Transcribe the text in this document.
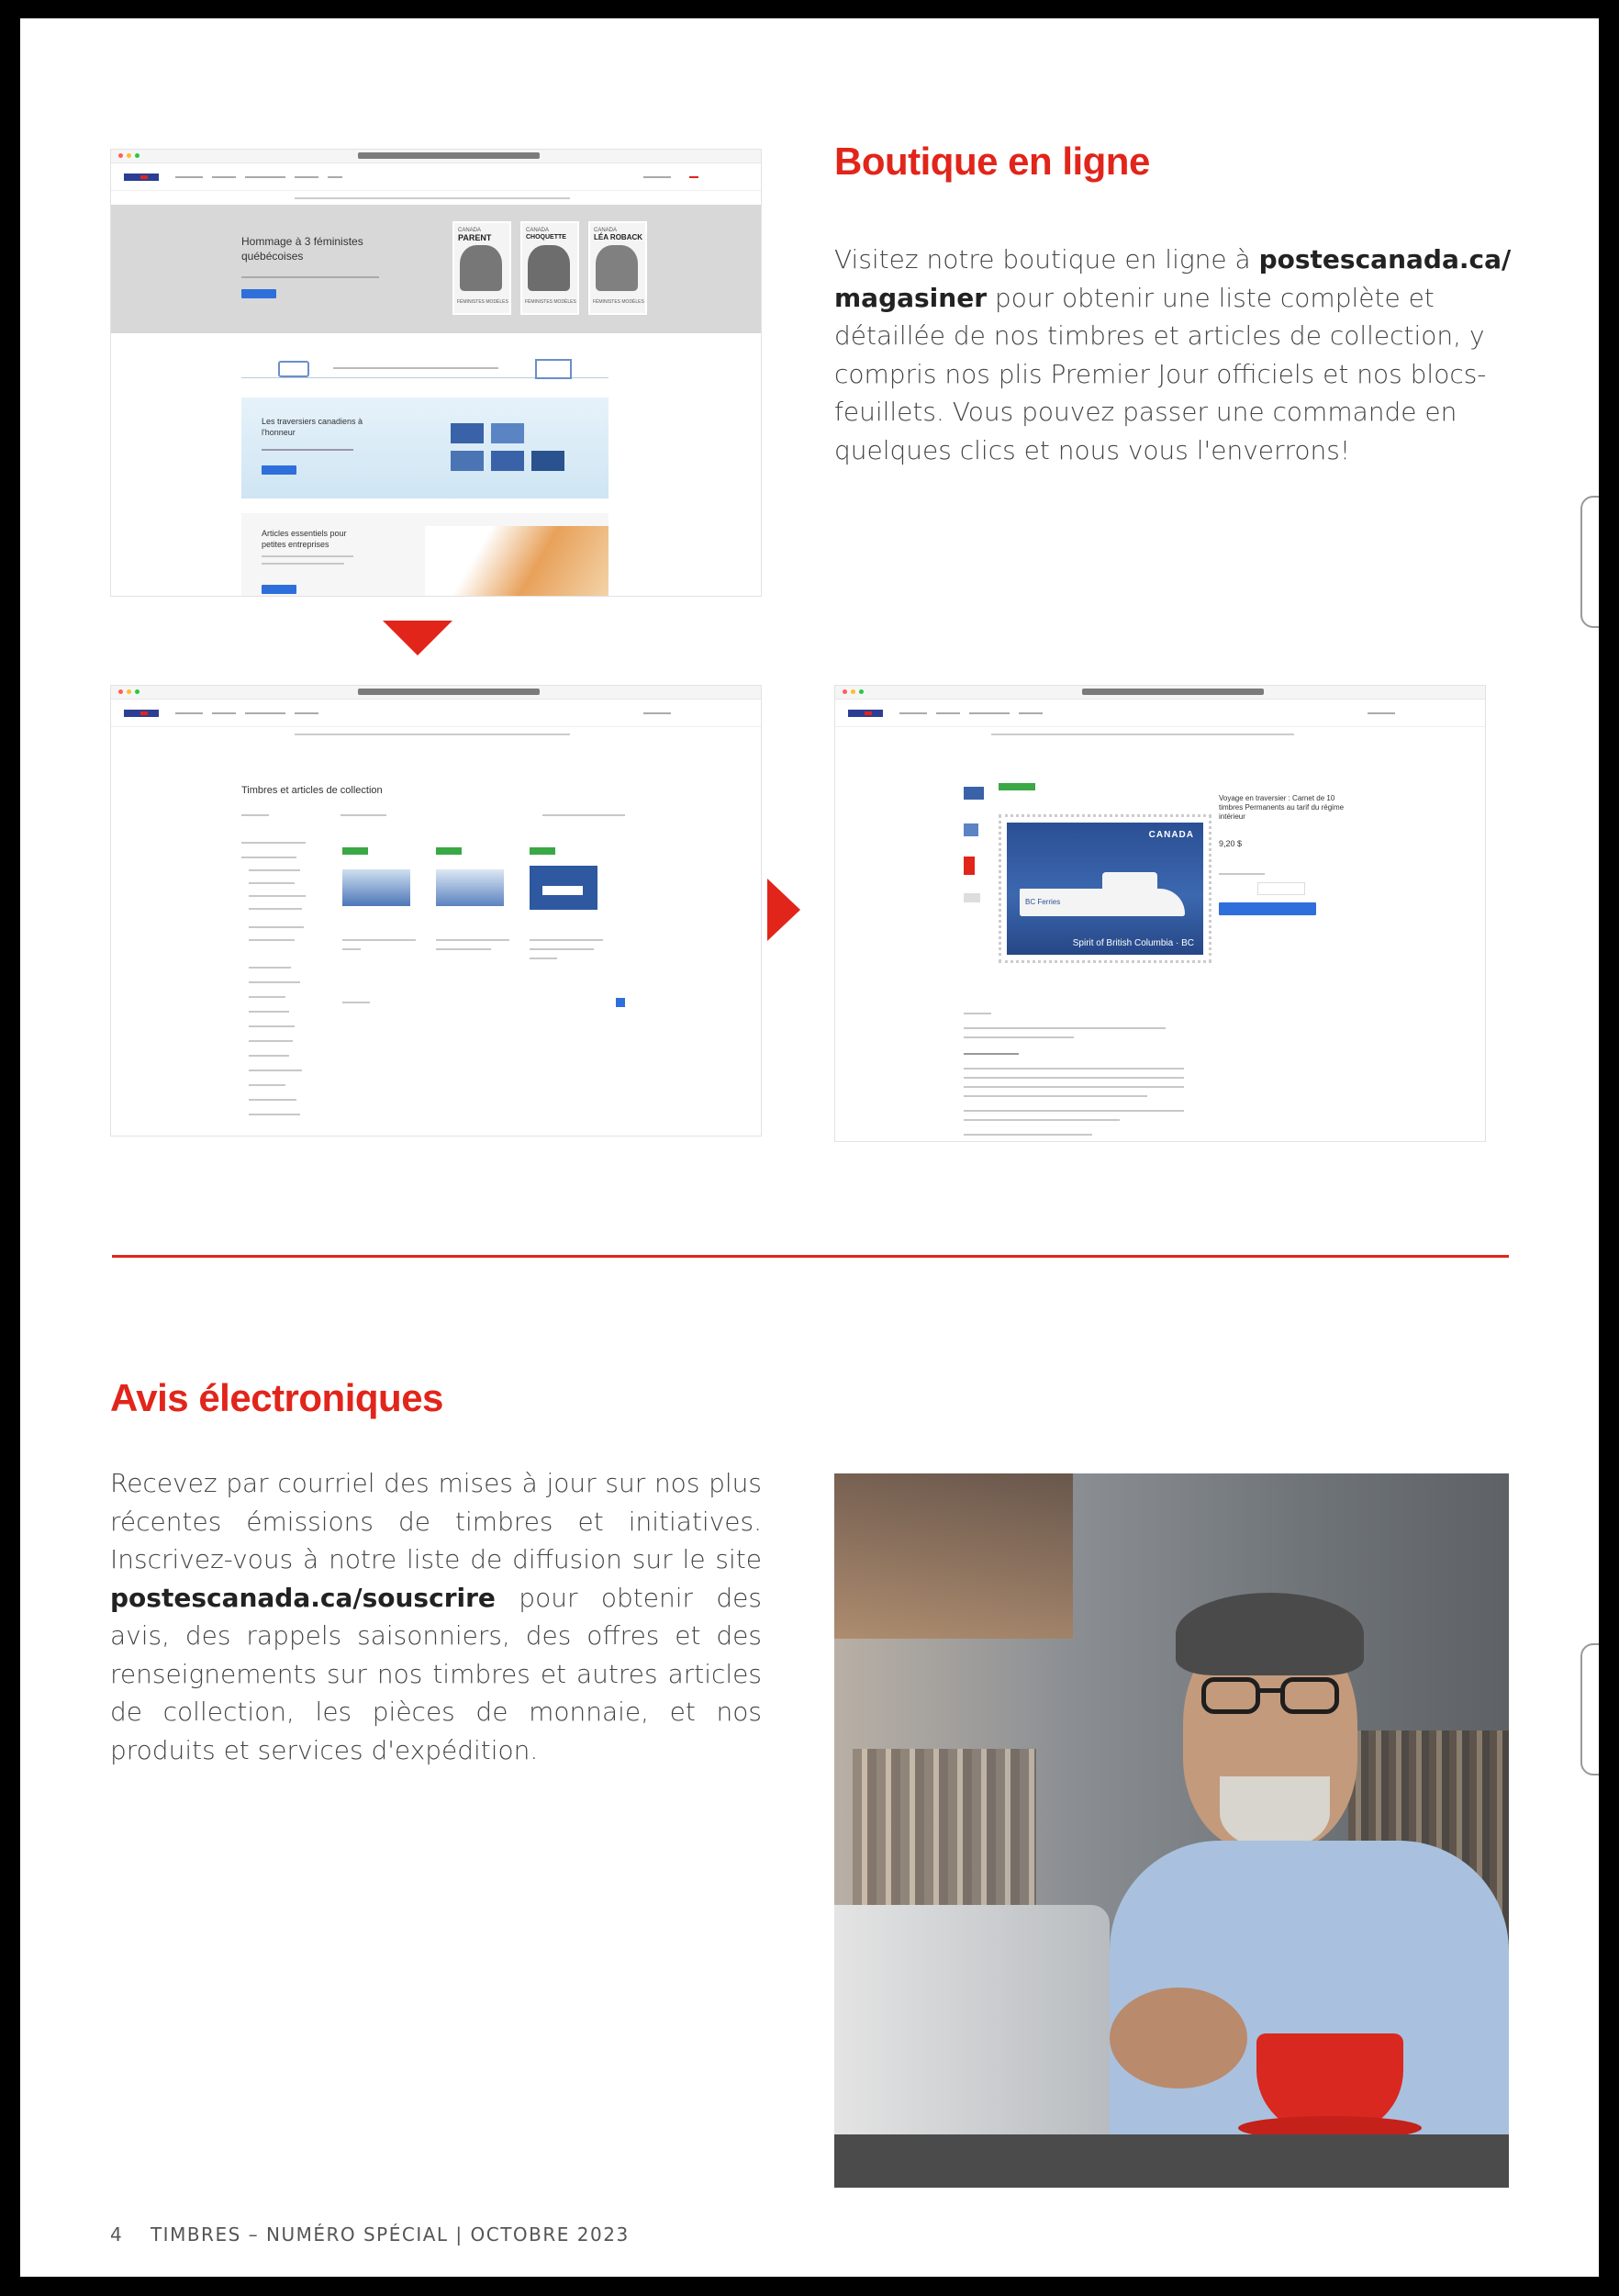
Hommage à 3 féministes québécoises
CANADA
PARENT
FÉMINISTES MODÈLES
CANADA
CHOQUETTE
FÉMINISTES MODÈLES
CANADA
LÉA ROBACK
FÉMINISTES MODÈLES
Les traversiers canadiens à l'honneur
Articles essentiels pour petites entreprises
Timbres et articles de collection
CANADA
BC Ferries
Spirit of British Columbia · BC
Voyage en traversier : Carnet de 10 timbres Permanents au tarif du régime intérieur
9,20 $
Boutique en ligne
Visitez notre boutique en ligne à postescanada.ca/ magasiner pour obtenir une liste complète et détaillée de nos timbres et articles de collection, y compris nos plis Premier Jour officiels et nos blocs-feuillets. Vous pouvez passer une commande en quelques clics et nous vous l'enverrons!
Avis électroniques
Recevez par courriel des mises à jour sur nos plus récentes émissions de timbres et initiatives. Inscrivez-vous à notre liste de diffusion sur le site postescanada.ca/souscrire pour obtenir des avis, des rappels saisonniers, des offres et des renseignements sur nos timbres et autres articles de collection, les pièces de monnaie, et nos produits et services d'expédition.
4 TIMBRES – NUMÉRO SPÉCIAL | OCTOBRE 2023
